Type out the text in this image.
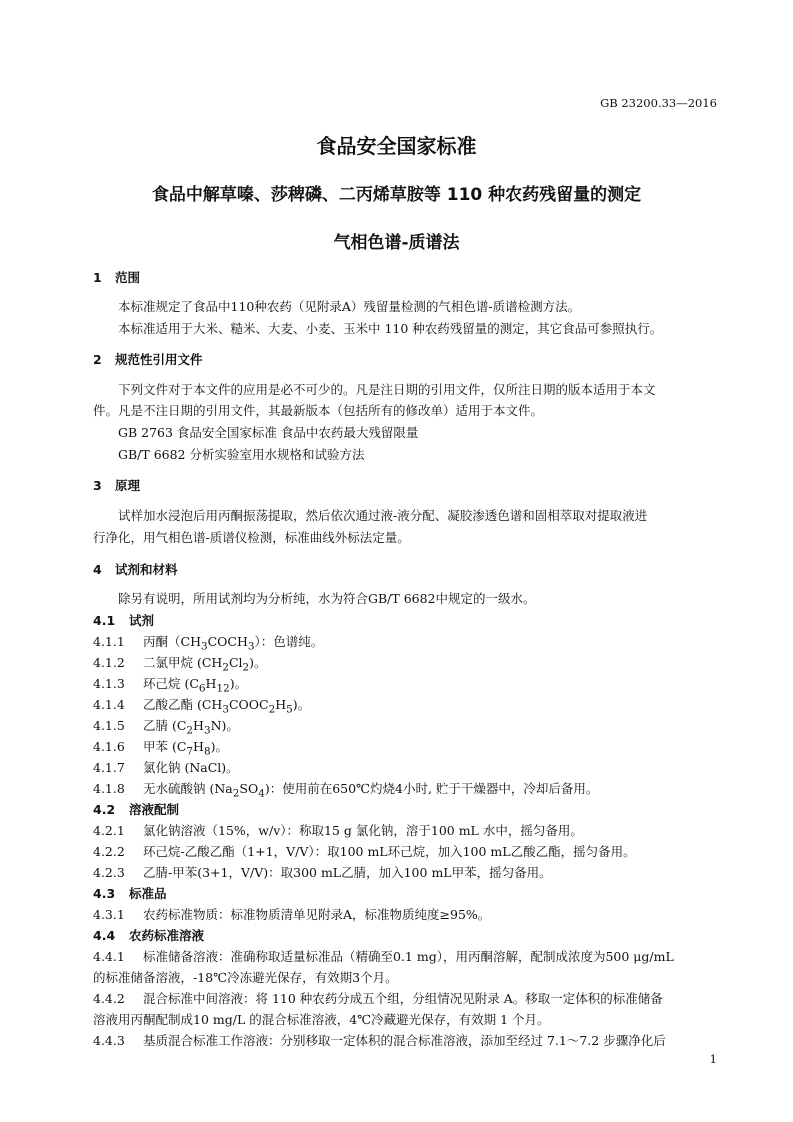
GB 23200.33—2016
食品安全国家标准
食品中解草嗪、莎稗磷、二丙烯草胺等 110 种农药残留量的测定
气相色谱-质谱法
1 范围
本标准规定了食品中110种农药（见附录A）残留量检测的气相色谱-质谱检测方法。
本标准适用于大米、糙米、大麦、小麦、玉米中 110 种农药残留量的测定，其它食品可参照执行。
2 规范性引用文件
下列文件对于本文件的应用是必不可少的。凡是注日期的引用文件，仅所注日期的版本适用于本文
件。凡是不注日期的引用文件，其最新版本（包括所有的修改单）适用于本文件。
GB 2763 食品安全国家标准 食品中农药最大残留限量
GB/T 6682 分析实验室用水规格和试验方法
3 原理
试样加水浸泡后用丙酮振荡提取，然后依次通过液-液分配、凝胶渗透色谱和固相萃取对提取液进
行净化，用气相色谱-质谱仪检测，标准曲线外标法定量。
4 试剂和材料
除另有说明，所用试剂均为分析纯，水为符合GB/T 6682中规定的一级水。
4.1 试剂
4.1.1 丙酮$(CH_3COCH_3)$：色谱纯。
4.1.2 二氯甲烷 $(CH_2Cl_2)$。
4.1.3 环己烷 $(C_6H_{12})$。
4.1.4 乙酸乙酯 $(CH_3COOC_2H_5)$。
4.1.5 乙腈 $(C_2H_3N)$。
4.1.6 甲苯 $(C_7H_8)$。
4.1.7 氯化钠 (NaCl)。
4.1.8 无水硫酸钠 $(Na_2SO_4)$：使用前在650℃灼烧4小时, 贮于干燥器中，冷却后备用。
4.2 溶液配制
4.2.1 氯化钠溶液（15%，w/v）：称取15 g 氯化钠，溶于100 mL 水中，摇匀备用。
4.2.2 环己烷-乙酸乙酯（1+1，V/V）：取100 mL环己烷，加入100 mL乙酸乙酯，摇匀备用。
4.2.3 乙腈-甲苯(3+1，V/V)：取300 mL乙腈，加入100 mL甲苯，摇匀备用。
4.3 标准品
4.3.1 农药标准物质：标准物质清单见附录A，标准物质纯度≥95%。
4.4 农药标准溶液
4.4.1 标准储备溶液：准确称取适量标准品（精确至0.1 mg），用丙酮溶解，配制成浓度为500 μg/mL
的标准储备溶液，-18℃冷冻避光保存，有效期3个月。
4.4.2 混合标准中间溶液：将 110 种农药分成五个组，分组情况见附录 A。移取一定体积的标准储备
溶液用丙酮配制成10 mg/L 的混合标准溶液，4℃冷藏避光保存，有效期 1 个月。
4.4.3 基质混合标准工作溶液：分别移取一定体积的混合标准溶液，添加至经过 7.1～7.2 步骤净化后
1
